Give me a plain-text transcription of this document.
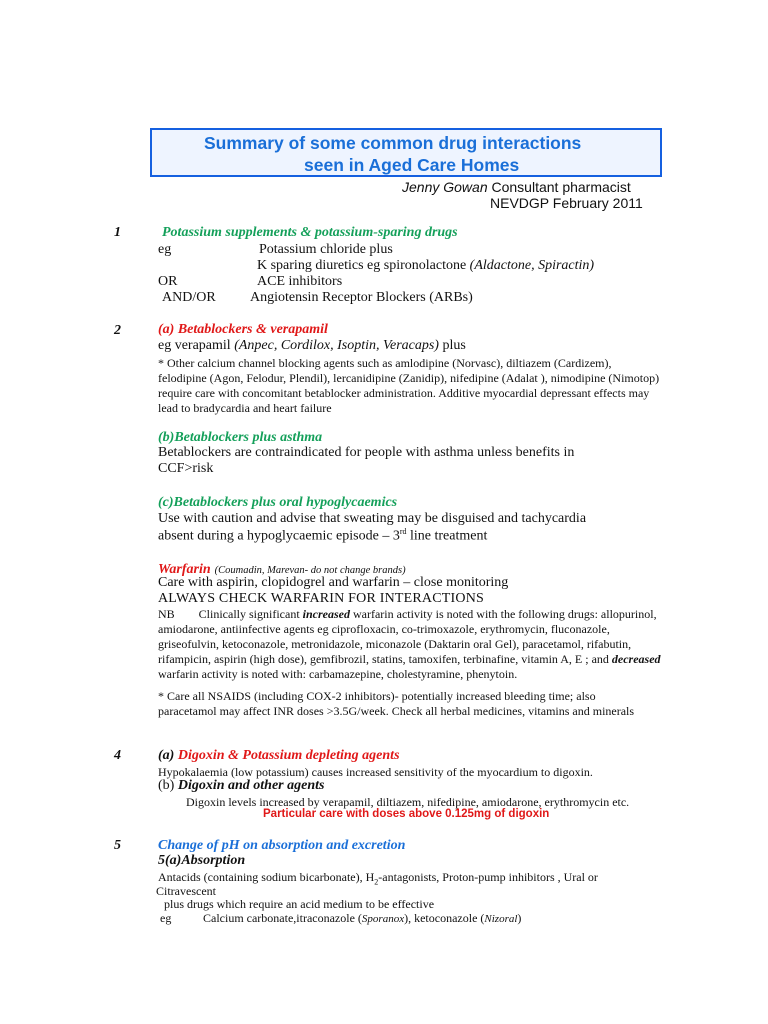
Summary of some common drug interactions
seen in Aged Care Homes
Jenny Gowan Consultant pharmacist
NEVDGP February 2011
1	Potassium supplements & potassium-sparing drugs
eg	Potassium chloride plus
K sparing diuretics eg spironolactone (Aldactone, Spiractin)
OR	ACE inhibitors
AND/OR Angiotensin Receptor Blockers (ARBs)
2	(a) Betablockers & verapamil
eg verapamil (Anpec, Cordilox, Isoptin, Veracaps) plus
* Other calcium channel blocking agents such as amlodipine (Norvasc), diltiazem (Cardizem), felodipine (Agon, Felodur, Plendil), lercanidipine (Zanidip), nifedipine (Adalat ), nimodipine (Nimotop) require care with concomitant betablocker administration. Additive myocardial depressant effects may lead to bradycardia and heart failure
(b)Betablockers plus asthma
Betablockers are contraindicated for people with asthma unless benefits in CCF>risk
(c)Betablockers plus oral hypoglycaemics
Use with caution and advise that sweating may be disguised and tachycardia
absent during a hypoglycaemic episode – 3rd line treatment
Warfarin (Coumadin, Marevan- do not change brands)
Care with aspirin, clopidogrel and warfarin – close monitoring
ALWAYS CHECK WARFARIN FOR INTERACTIONS
NB Clinically significant increased warfarin activity is noted with the following drugs: allopurinol, amiodarone, antiinfective agents eg ciprofloxacin, co-trimoxazole, erythromycin, fluconazole, griseofulvin, ketoconazole, metronidazole, miconazole (Daktarin oral Gel), paracetamol, rifabutin, rifampicin, aspirin (high dose), gemfibrozil, statins, tamoxifen, terbinafine, vitamin A, E ; and decreased warfarin activity is noted with: carbamazepine, cholestyramine, phenytoin.
* Care all NSAIDS (including COX-2 inhibitors)- potentially increased bleeding time; also paracetamol may affect INR doses >3.5G/week. Check all herbal medicines, vitamins and minerals
4	(a) Digoxin & Potassium depleting agents
Hypokalaemia (low potassium) causes increased sensitivity of the myocardium to digoxin.
(b) Digoxin and other agents
Digoxin levels increased by verapamil, diltiazem, nifedipine, amiodarone, erythromycin etc.
Particular care with doses above 0.125mg of digoxin
5	Change of pH on absorption and excretion
5(a)Absorption
Antacids (containing sodium bicarbonate), $H_2$-antagonists, Proton-pump inhibitors , Ural or
Citravescent
plus drugs which require an acid medium to be effective
eg	Calcium carbonate,itraconazole (Sporanox), ketoconazole (Nizoral)
